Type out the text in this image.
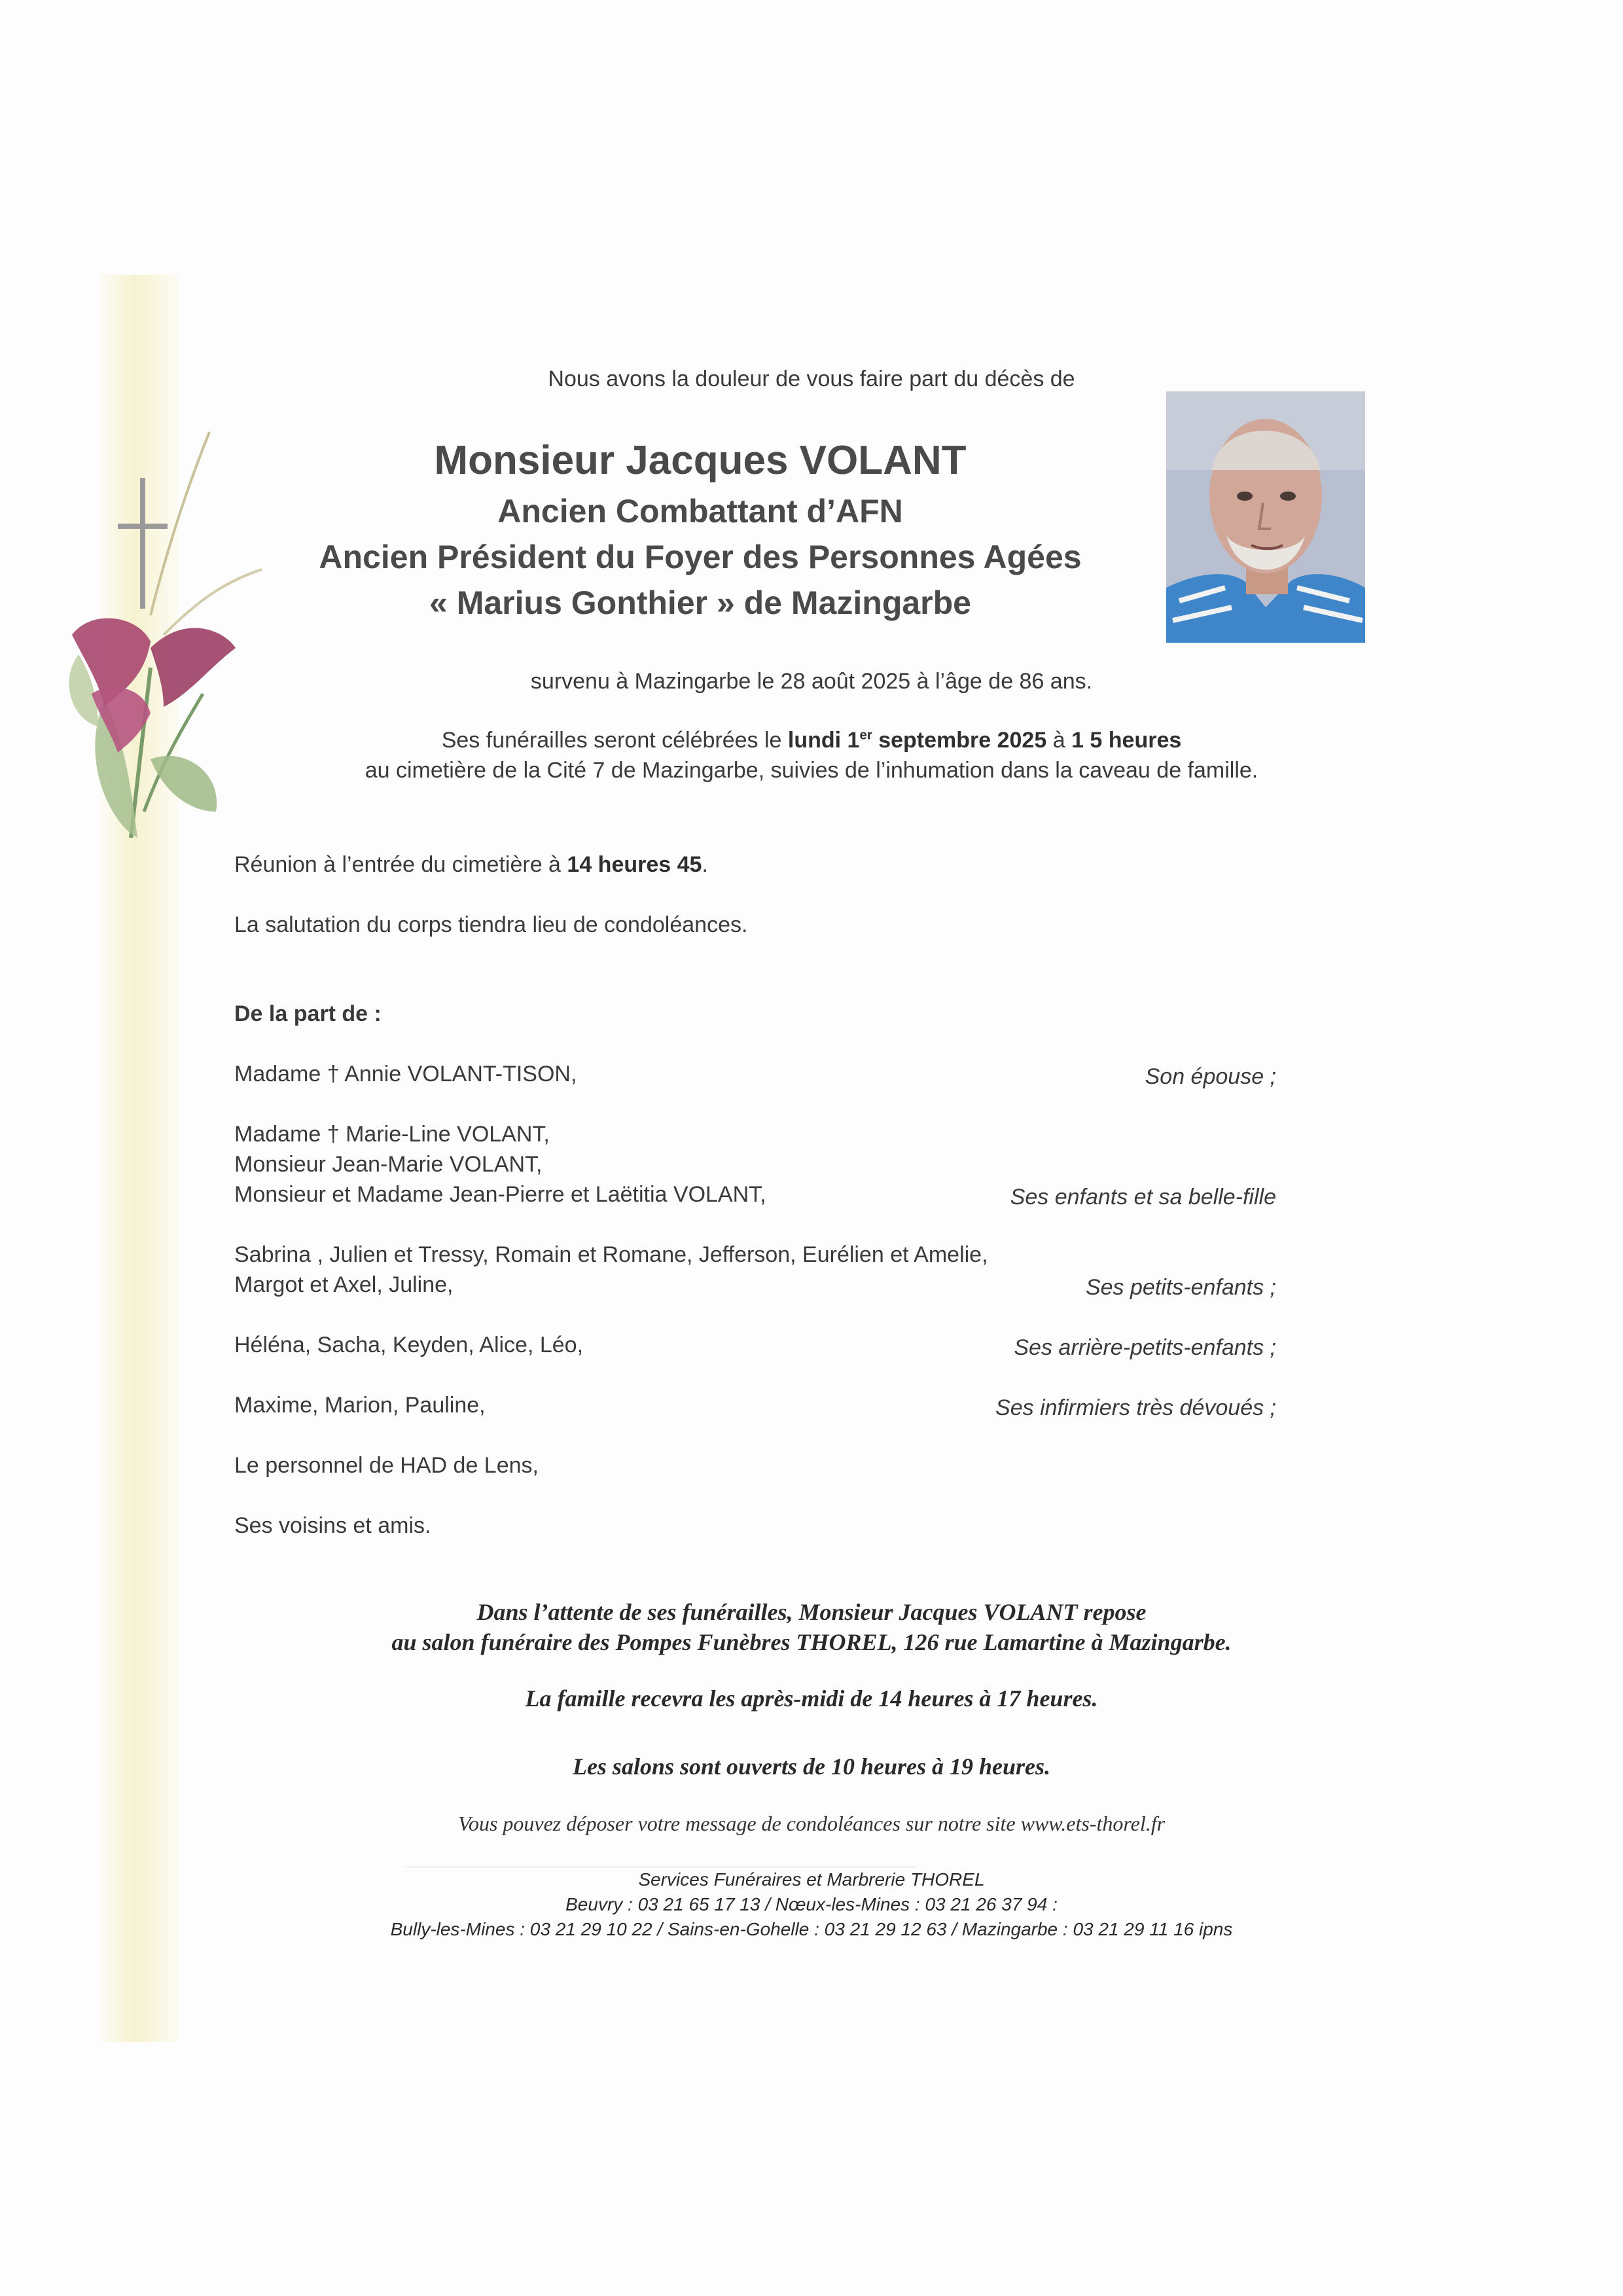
Nous avons la douleur de vous faire part du décès de
Monsieur Jacques VOLANT
Ancien Combattant d’AFN
Ancien Président du Foyer des Personnes Agées
« Marius Gonthier » de Mazingarbe
survenu à Mazingarbe le 28 août 2025 à l’âge de 86 ans.
Ses funérailles seront célébrées le lundi 1er septembre 2025 à 1 5 heures
au cimetière de la Cité 7 de Mazingarbe, suivies de l’inhumation dans la caveau de famille.
Réunion à l’entrée du cimetière à 14 heures 45.
La salutation du corps tiendra lieu de condoléances.
De la part de :
Madame † Annie VOLANT-TISON,	Son épouse ;
Madame † Marie-Line VOLANT,
Monsieur Jean-Marie VOLANT,
Monsieur et Madame Jean-Pierre et Laëtitia VOLANT,	Ses enfants et sa belle-fille
Sabrina , Julien et Tressy, Romain et Romane, Jefferson, Eurélien et Amelie,
Margot et Axel, Juline,	Ses petits-enfants ;
Héléna, Sacha, Keyden, Alice, Léo,	Ses arrière-petits-enfants ;
Maxime, Marion, Pauline,	Ses infirmiers très dévoués ;
Le personnel de HAD de Lens,
Ses voisins et amis.
Dans l’attente de ses funérailles, Monsieur Jacques VOLANT repose
au salon funéraire des Pompes Funèbres THOREL, 126 rue Lamartine à Mazingarbe.
La famille recevra les après-midi de 14 heures à 17 heures.
Les salons sont ouverts de 10 heures à 19 heures.
Vous pouvez déposer votre message de condoléances sur notre site www.ets-thorel.fr
Services Funéraires et Marbrerie THOREL
Beuvry : 03 21 65 17 13 / Nœux-les-Mines : 03 21 26 37 94 :
Bully-les-Mines : 03 21 29 10 22 / Sains-en-Gohelle : 03 21 29 12 63 / Mazingarbe : 03 21 29 11 16 ipns
